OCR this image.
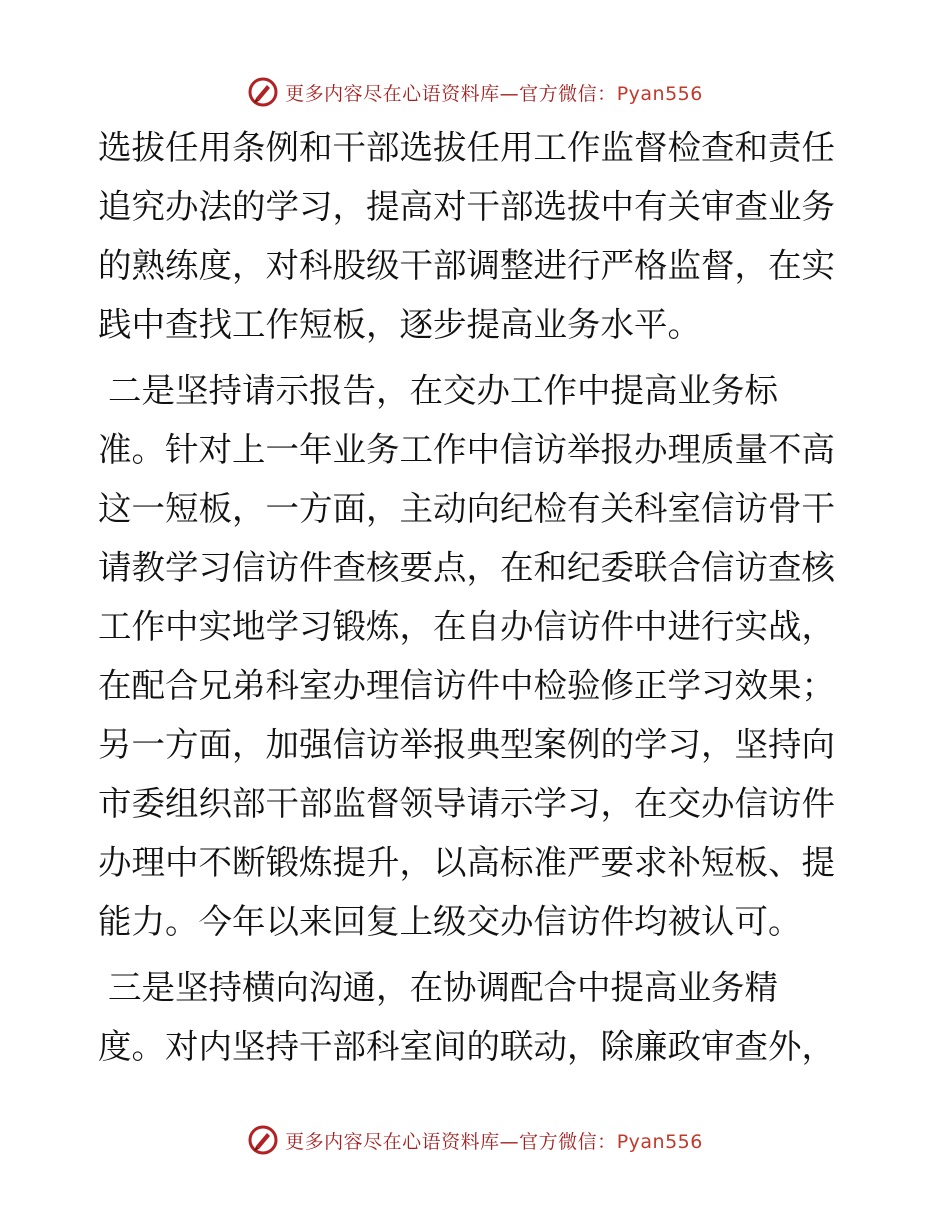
更多内容尽在心语资料库—官方微信：Pyan556

选拔任用条例和干部选拔任用工作监督检查和责任
追究办法的学习，提高对干部选拔中有关审查业务
的熟练度，对科股级干部调整进行严格监督，在实
践中查找工作短板，逐步提高业务水平。

二是坚持请示报告，在交办工作中提高业务标
准。针对上一年业务工作中信访举报办理质量不高
这一短板，一方面，主动向纪检有关科室信访骨干
请教学习信访件查核要点，在和纪委联合信访查核
工作中实地学习锻炼，在自办信访件中进行实战，
在配合兄弟科室办理信访件中检验修正学习效果；
另一方面，加强信访举报典型案例的学习，坚持向
市委组织部干部监督领导请示学习，在交办信访件
办理中不断锻炼提升，以高标准严要求补短板、提
能力。今年以来回复上级交办信访件均被认可。

三是坚持横向沟通，在协调配合中提高业务精
度。对内坚持干部科室间的联动，除廉政审查外，

更多内容尽在心语资料库—官方微信：Pyan556
